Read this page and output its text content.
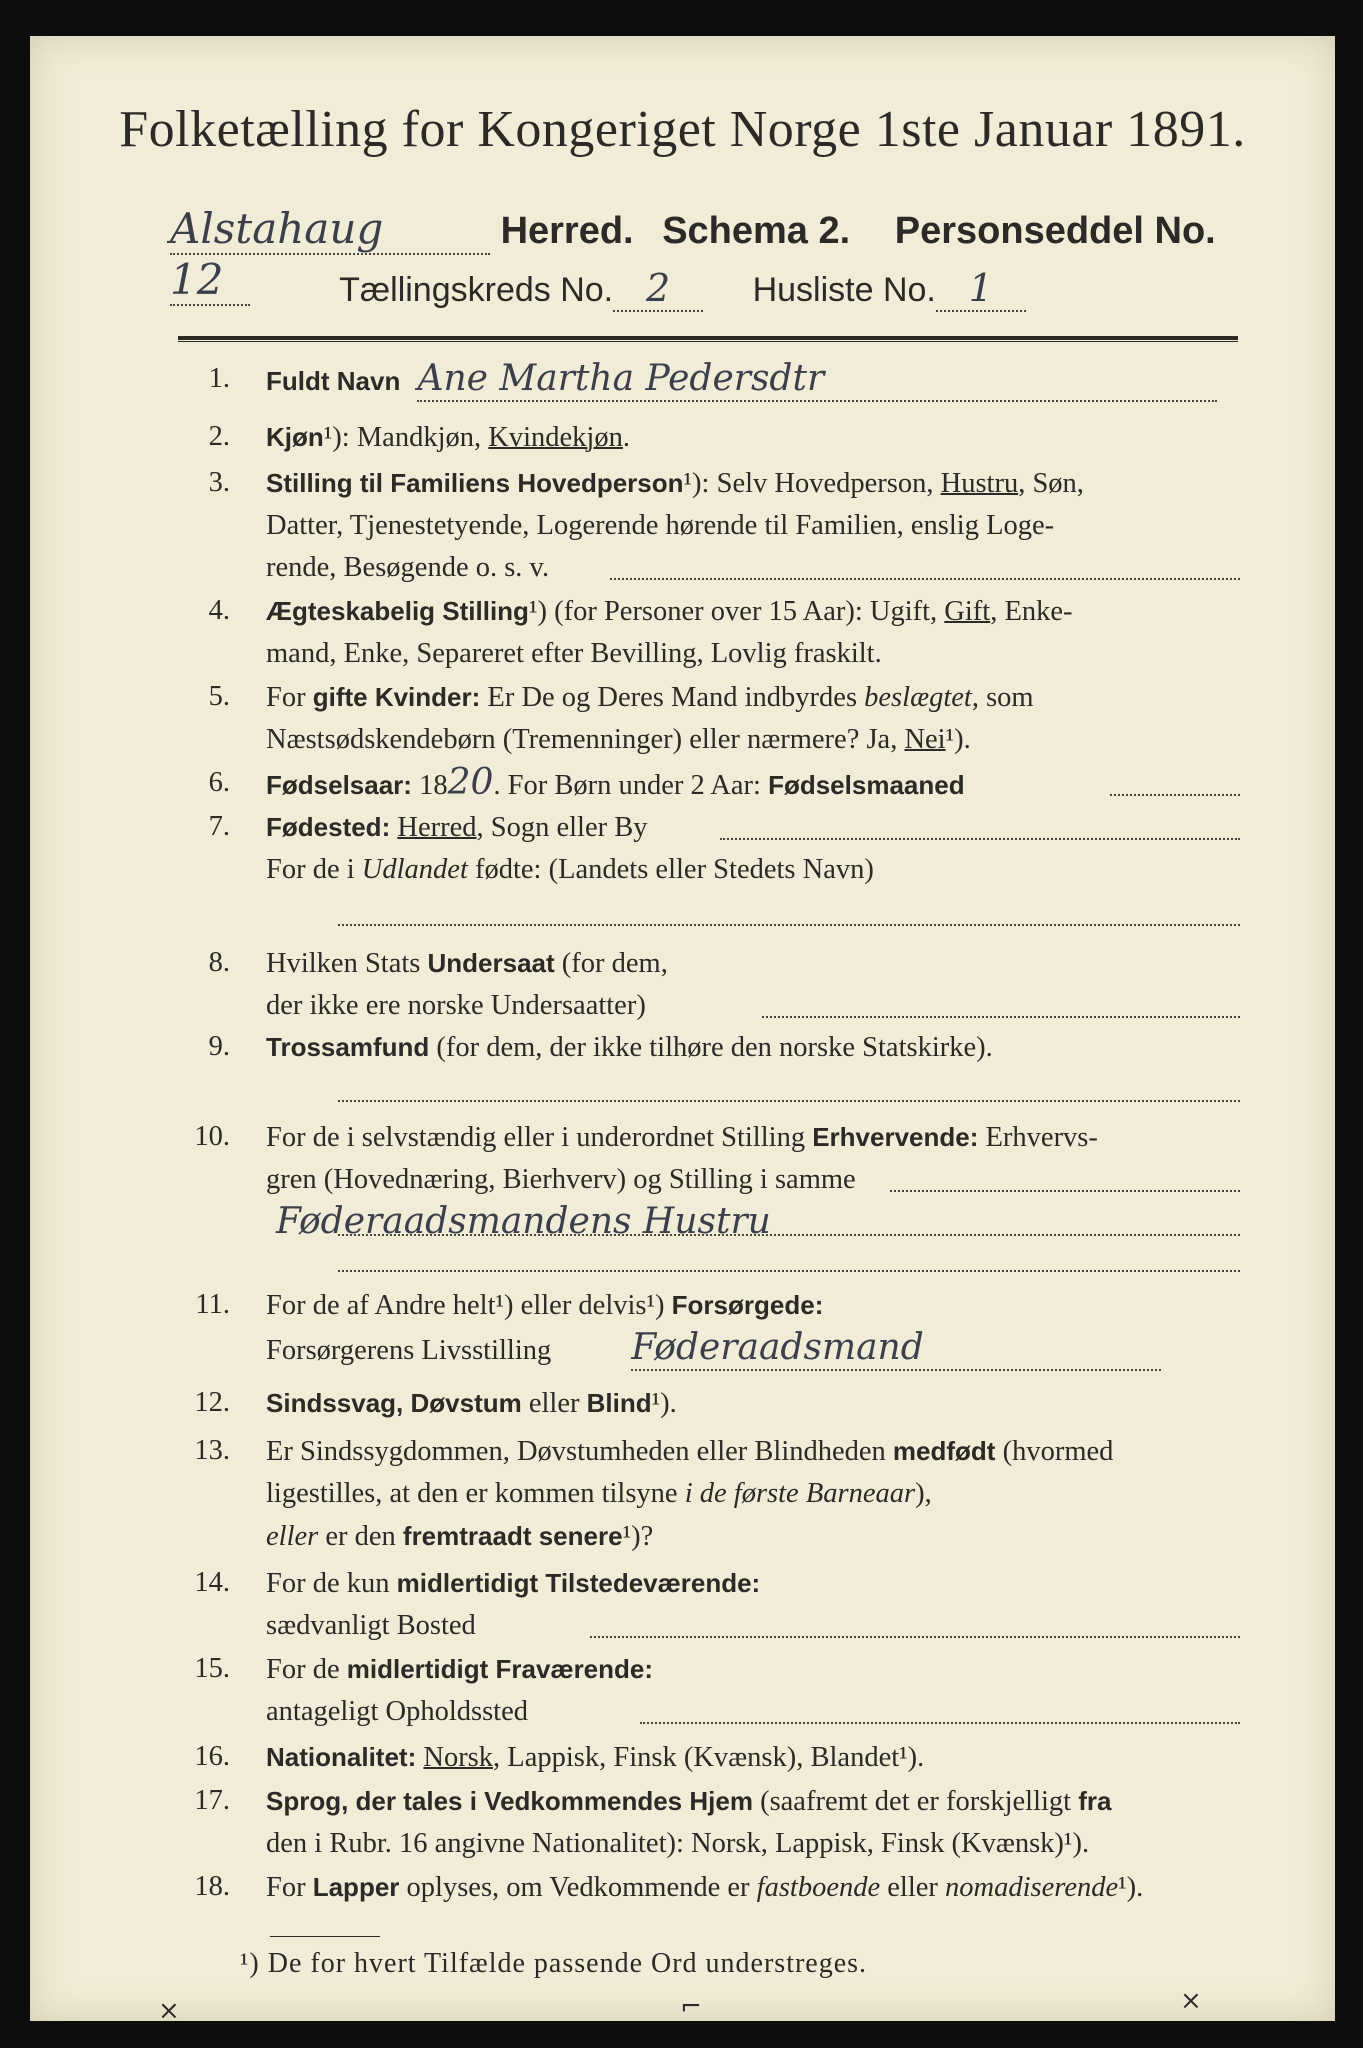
Folketælling for Kongeriget Norge 1ste Januar 1891.
Alstahaug	Herred. Schema 2. Personseddel No.12	Tællingskreds No. 2 Husliste No. 1
1. Fuldt Navn Ane Martha Pedersdtr
2. Kjøn¹): Mandkjøn, Kvindekjøn.
3. Stilling til Familiens Hovedperson¹): Selv Hovedperson, Hustru, Søn,
Datter, Tjenestetyende, Logerende hørende til Familien, enslig Loge-
rende, Besøgende o. s. v.
4. Ægteskabelig Stilling¹) (for Personer over 15 Aar): Ugift, Gift, Enke-
mand, Enke, Separeret efter Bevilling, Lovlig fraskilt.
5. For gifte Kvinder: Er De og Deres Mand indbyrdes beslægtet, som
Næstsødskendebørn (Tremenninger) eller nærmere? Ja, Nei¹).
6. Fødselsaar: 1820. For Børn under 2 Aar: Fødselsmaaned
7. Fødested: Herred, Sogn eller By
For de i Udlandet fødte: (Landets eller Stedets Navn)
8. Hvilken Stats Undersaat (for dem,
der ikke ere norske Undersaatter)
9. Trossamfund (for dem, der ikke tilhøre den norske Statskirke).
10. For de i selvstændig eller i underordnet Stilling Erhvervende: Erhvervs-
gren (Hovednæring, Bierhverv) og Stilling i samme
Føderaadsmandens Hustru
11. For de af Andre helt¹) eller delvis¹) Forsørgede:
Forsørgerens Livsstilling Føderaadsmand
12. Sindssvag, Døvstum eller Blind¹).
13. Er Sindssygdommen, Døvstumheden eller Blindheden medfødt (hvormed
ligestilles, at den er kommen tilsyne i de første Barneaar),
eller er den fremtraadt senere¹)?
14. For de kun midlertidigt Tilstedeværende:
sædvanligt Bosted
15. For de midlertidigt Fraværende:
antageligt Opholdssted
16. Nationalitet: Norsk, Lappisk, Finsk (Kvænsk), Blandet¹).
17. Sprog, der tales i Vedkommendes Hjem (saafremt det er forskjelligt fra
den i Rubr. 16 angivne Nationalitet): Norsk, Lappisk, Finsk (Kvænsk)¹).
18. For Lapper oplyses, om Vedkommende er fastboende eller nomadiserende¹).
¹) De for hvert Tilfælde passende Ord understreges.
⨯	⌐	⨯
